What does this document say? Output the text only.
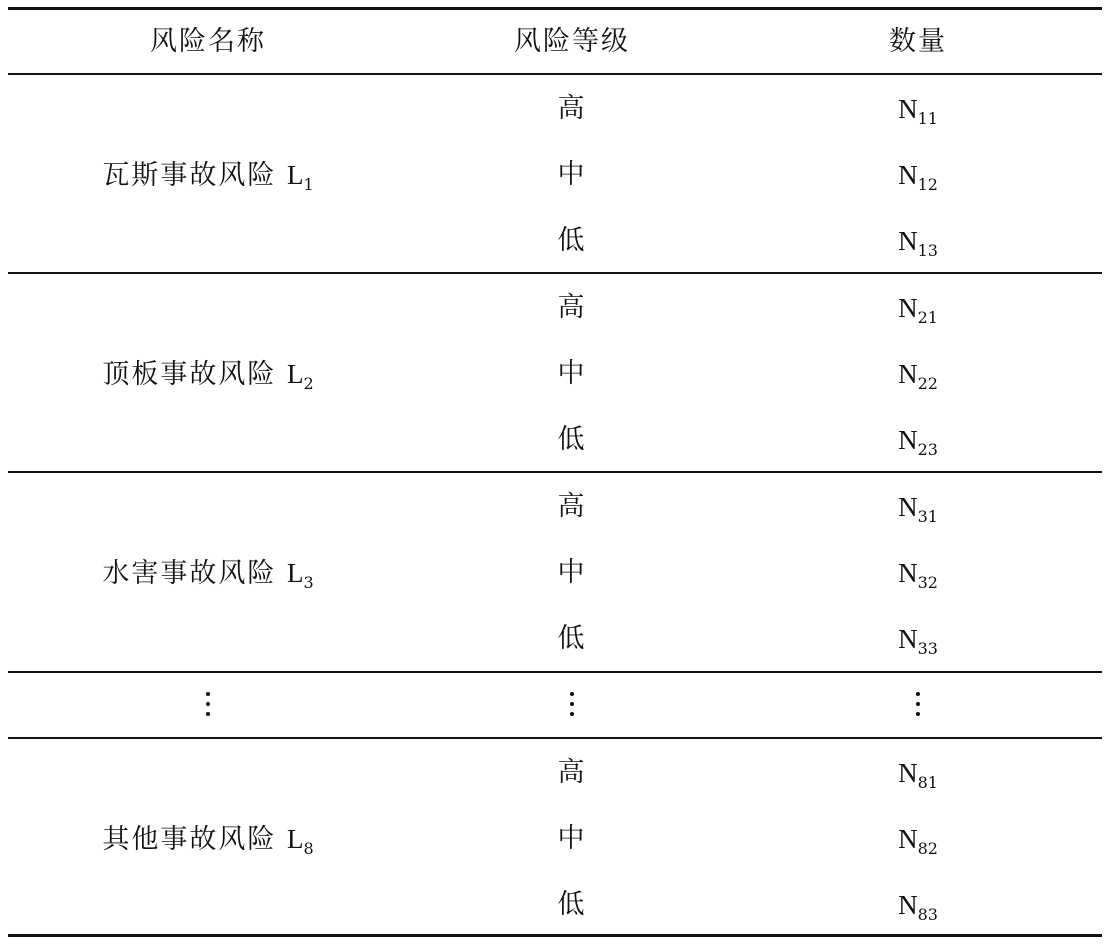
风险名称	风险等级	数量
瓦斯事故风险 $L_1$
高
中
低
$N_{11}$
$N_{12}$
$N_{13}$
顶板事故风险 $L_2$
高
中
低
$N_{21}$
$N_{22}$
$N_{23}$
水害事故风险 $L_3$
高
中
低
$N_{31}$
$N_{32}$
$N_{33}$
其他事故风险 $L_8$
高
中
低
$N_{81}$
$N_{82}$
$N_{83}$
